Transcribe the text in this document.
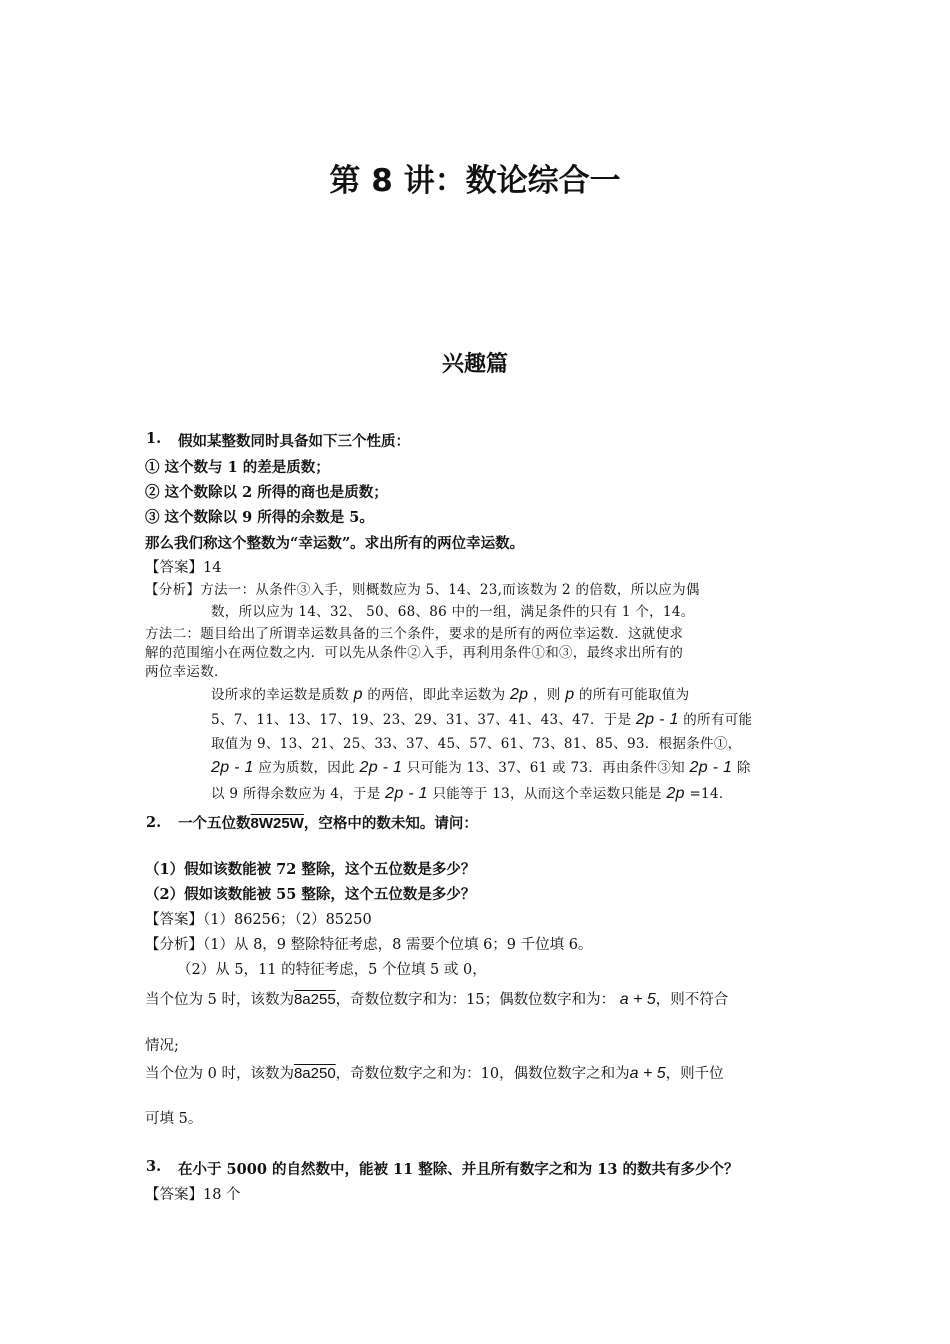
第 8 讲：数论综合一
兴趣篇
1. 假如某整数同时具备如下三个性质：
① 这个数与 1 的差是质数；
② 这个数除以 2 所得的商也是质数；
③ 这个数除以 9 所得的余数是 5。
那么我们称这个整数为“幸运数”。求出所有的两位幸运数。
【答案】14
【分析】方法一：从条件③入手，则概数应为 5、14、23,而该数为 2 的倍数，所以应为偶
数，所以应为 14、32、 50、68、86 中的一组，满足条件的只有 1 个，14。
方法二：题目给出了所谓幸运数具备的三个条件，要求的是所有的两位幸运数．这就使求
解的范围缩小在两位数之内．可以先从条件②入手，再利用条件①和③，最终求出所有的
两位幸运数．
设所求的幸运数是质数 p 的两倍，即此幸运数为 2p ，则 p 的所有可能取值为
5、7、11、13、17、19、23、29、31、37、41、43、47．于是 2p - 1 的所有可能
取值为 9、13、21、25、33、37、45、57、61、73、81、85、93．根据条件①，
2p - 1 应为质数，因此 2p - 1 只可能为 13、37、61 或 73．再由条件③知 2p - 1 除
以 9 所得余数应为 4，于是 2p - 1 只能等于 13，从而这个幸运数只能是 2p =14．
2. 一个五位数8W25W，空格中的数未知。请问：
（1）假如该数能被 72 整除，这个五位数是多少？
（2）假如该数能被 55 整除，这个五位数是多少？
【答案】（1）86256；（2）85250
【分析】（1）从 8，9 整除特征考虑，8 需要个位填 6；9 千位填 6。
（2）从 5，11 的特征考虑，5 个位填 5 或 0，
当个位为 5 时，该数为8a255，奇数位数字和为：15；偶数位数字和为： a + 5，则不符合
情况;
当个位为 0 时，该数为8a250，奇数位数字之和为：10，偶数位数字之和为a + 5，则千位
可填 5。
3. 在小于 5000 的自然数中，能被 11 整除、并且所有数字之和为 13 的数共有多少个？
【答案】18 个
